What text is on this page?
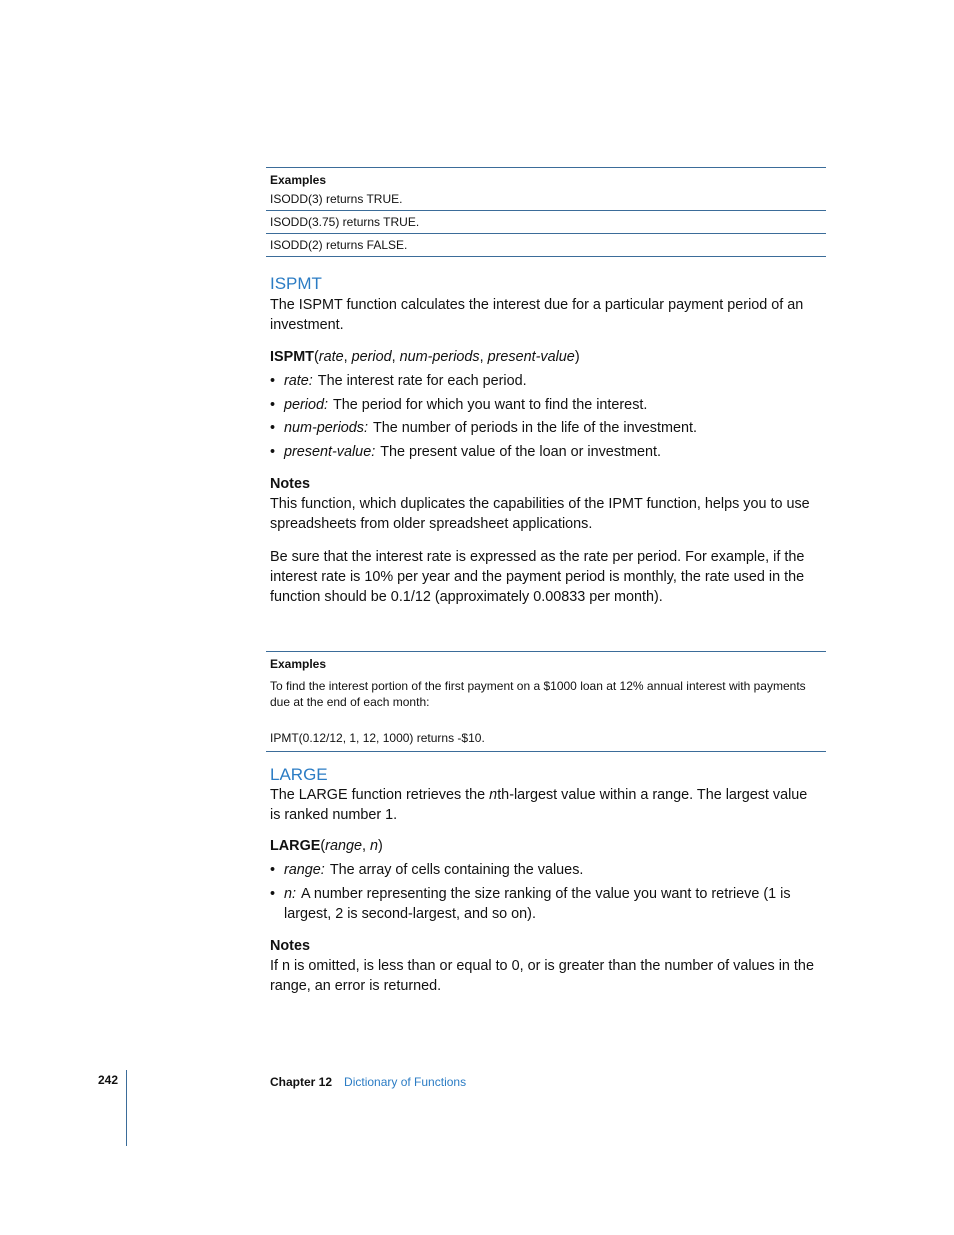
Examples
ISODD(3) returns TRUE.
ISODD(3.75) returns TRUE.
ISODD(2) returns FALSE.
ISPMT
The ISPMT function calculates the interest due for a particular payment period of an investment.
ISPMT(rate, period, num-periods, present-value)
• rate: The interest rate for each period.
• period: The period for which you want to find the interest.
• num-periods: The number of periods in the life of the investment.
• present-value: The present value of the loan or investment.
Notes
This function, which duplicates the capabilities of the IPMT function, helps you to use spreadsheets from older spreadsheet applications.
Be sure that the interest rate is expressed as the rate per period. For example, if the interest rate is 10% per year and the payment period is monthly, the rate used in the function should be 0.1/12 (approximately 0.00833 per month).
Examples
To find the interest portion of the first payment on a $1000 loan at 12% annual interest with payments due at the end of each month:
IPMT(0.12/12, 1, 12, 1000) returns -$10.
LARGE
The LARGE function retrieves the nth-largest value within a range. The largest value is ranked number 1.
LARGE(range, n)
• range: The array of cells containing the values.
• n: A number representing the size ranking of the value you want to retrieve (1 is largest, 2 is second-largest, and so on).
Notes
If n is omitted, is less than or equal to 0, or is greater than the number of values in the range, an error is returned.
242	Chapter 12 Dictionary of Functions
